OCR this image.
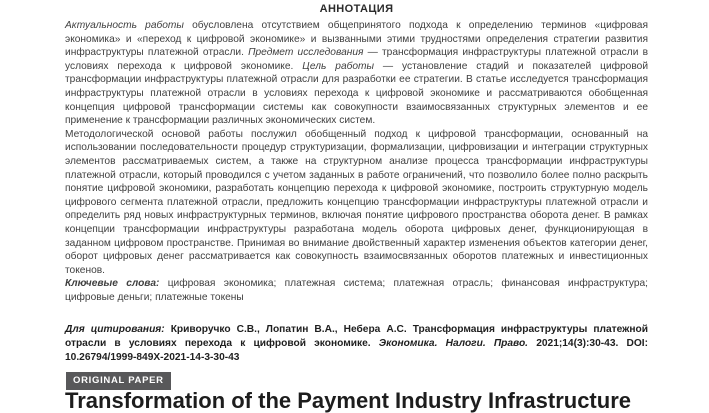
АННОТАЦИЯ

Актуальность работы обусловлена отсутствием общепринятого подхода к определению терминов «цифровая экономика» и «переход к цифровой экономике» и вызванными этими трудностями определения стратегии развития инфраструктуры платежной отрасли. Предмет исследования — трансформация инфраструктуры платежной отрасли в условиях перехода к цифровой экономике. Цель работы — установление стадий и показателей цифровой трансформации инфраструктуры платежной отрасли для разработки ее стратегии. В статье исследуется трансформация инфраструктуры платежной отрасли в условиях перехода к цифровой экономике и рассматриваются обобщенная концепция цифровой трансформации системы как совокупности взаимосвязанных структурных элементов и ее применение к трансформации различных экономических систем.

Методологической основой работы послужил обобщенный подход к цифровой трансформации, основанный на использовании последовательности процедур структуризации, формализации, цифровизации и интеграции структурных элементов рассматриваемых систем, а также на структурном анализе процесса трансформации инфраструктуры платежной отрасли, который проводился с учетом заданных в работе ограничений, что позволило более полно раскрыть понятие цифровой экономики, разработать концепцию перехода к цифровой экономике, построить структурную модель цифрового сегмента платежной отрасли, предложить концепцию трансформации инфраструктуры платежной отрасли и определить ряд новых инфраструктурных терминов, включая понятие цифрового пространства оборота денег. В рамках концепции трансформации инфраструктуры разработана модель оборота цифровых денег, функционирующая в заданном цифровом пространстве. Принимая во внимание двойственный характер изменения объектов категории денег, оборот цифровых денег рассматривается как совокупность взаимосвязанных оборотов платежных и инвестиционных токенов.

Ключевые слова: цифровая экономика; платежная система; платежная отрасль; финансовая инфраструктура; цифровые деньги; платежные токены

Для цитирования: Криворучко С.В., Лопатин В.А., Небера А.С. Трансформация инфраструктуры платежной отрасли в условиях перехода к цифровой экономике. Экономика. Налоги. Право. 2021;14(3):30-43. DOI: 10.26794/1999-849X-2021-14-3-30-43

ORIGINAL PAPER
Transformation of the Payment Industry Infrastructure
